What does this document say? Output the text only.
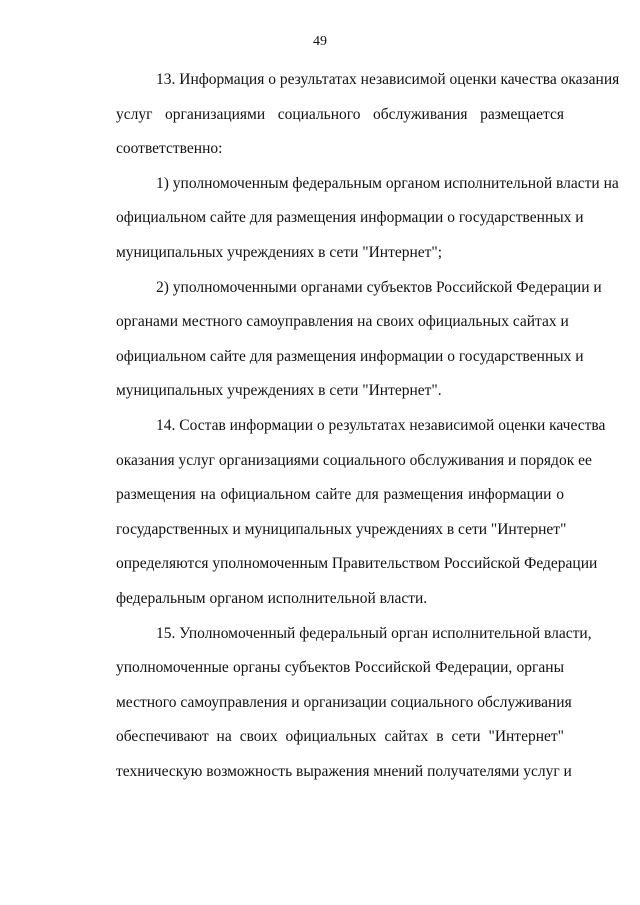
49
13. Информация о результатах независимой оценки качества оказания
услуг организациями социального обслуживания размещается
соответственно:
1) уполномоченным федеральным органом исполнительной власти на
официальном сайте для размещения информации о государственных и
муниципальных учреждениях в сети "Интернет";
2) уполномоченными органами субъектов Российской Федерации и
органами местного самоуправления на своих официальных сайтах и
официальном сайте для размещения информации о государственных и
муниципальных учреждениях в сети "Интернет".
14. Состав информации о результатах независимой оценки качества
оказания услуг организациями социального обслуживания и порядок ее
размещения на официальном сайте для размещения информации о
государственных и муниципальных учреждениях в сети "Интернет"
определяются уполномоченным Правительством Российской Федерации
федеральным органом исполнительной власти.
15. Уполномоченный федеральный орган исполнительной власти,
уполномоченные органы субъектов Российской Федерации, органы
местного самоуправления и организации социального обслуживания
обеспечивают на своих официальных сайтах в сети "Интернет"
техническую возможность выражения мнений получателями услуг и
